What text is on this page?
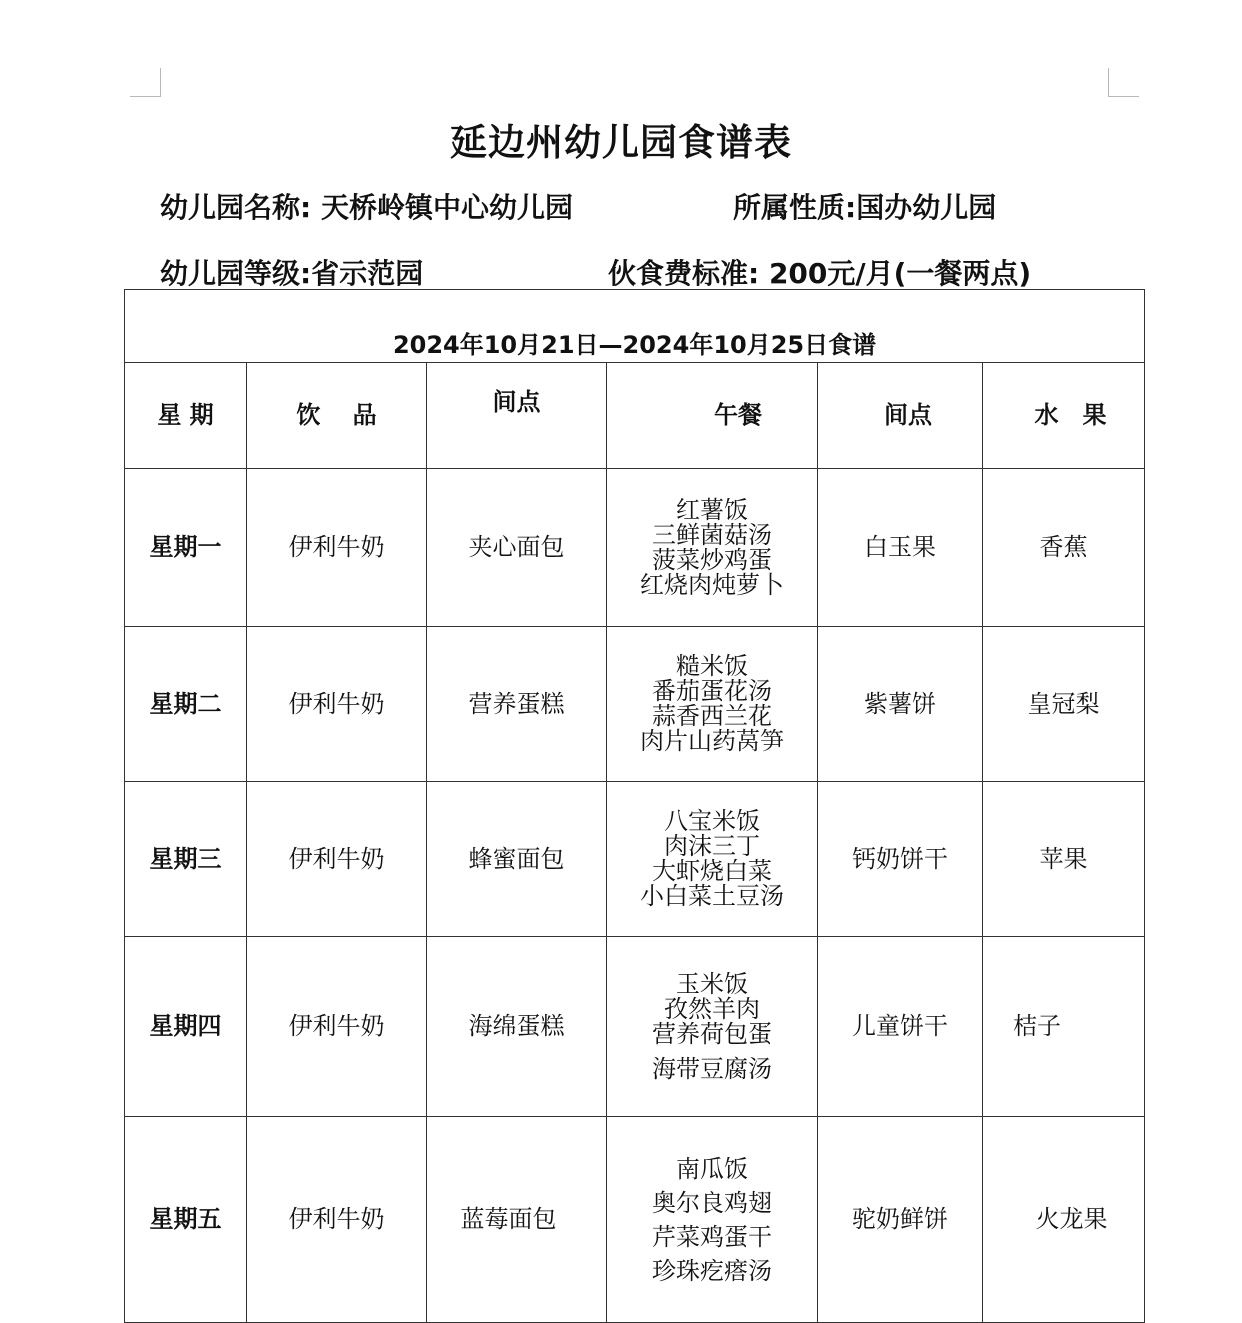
延边州幼儿园食谱表
幼儿园名称: 天桥岭镇中心幼儿园	所属性质:国办幼儿园
幼儿园等级:省示范园	伙食费标准: 200元/月(一餐两点)
2024年10月21日—2024年10月25日食谱					
星 期	饮　 品	间点	午餐	间点	水　果
星期一	伊利牛奶	夹心面包	红薯饭
三鲜菌菇汤
菠菜炒鸡蛋
红烧肉炖萝卜	白玉果	香蕉
星期二	伊利牛奶	营养蛋糕	糙米饭
番茄蛋花汤
蒜香西兰花
肉片山药莴笋	紫薯饼	皇冠梨
星期三	伊利牛奶	蜂蜜面包	八宝米饭
肉沫三丁
大虾烧白菜
小白菜土豆汤	钙奶饼干	苹果
星期四	伊利牛奶	海绵蛋糕	玉米饭
孜然羊肉
营养荷包蛋
海带豆腐汤	儿童饼干	桔子
星期五	伊利牛奶	蓝莓面包	南瓜饭
奥尔良鸡翅
芹菜鸡蛋干
珍珠疙瘩汤	驼奶鲜饼	火龙果
